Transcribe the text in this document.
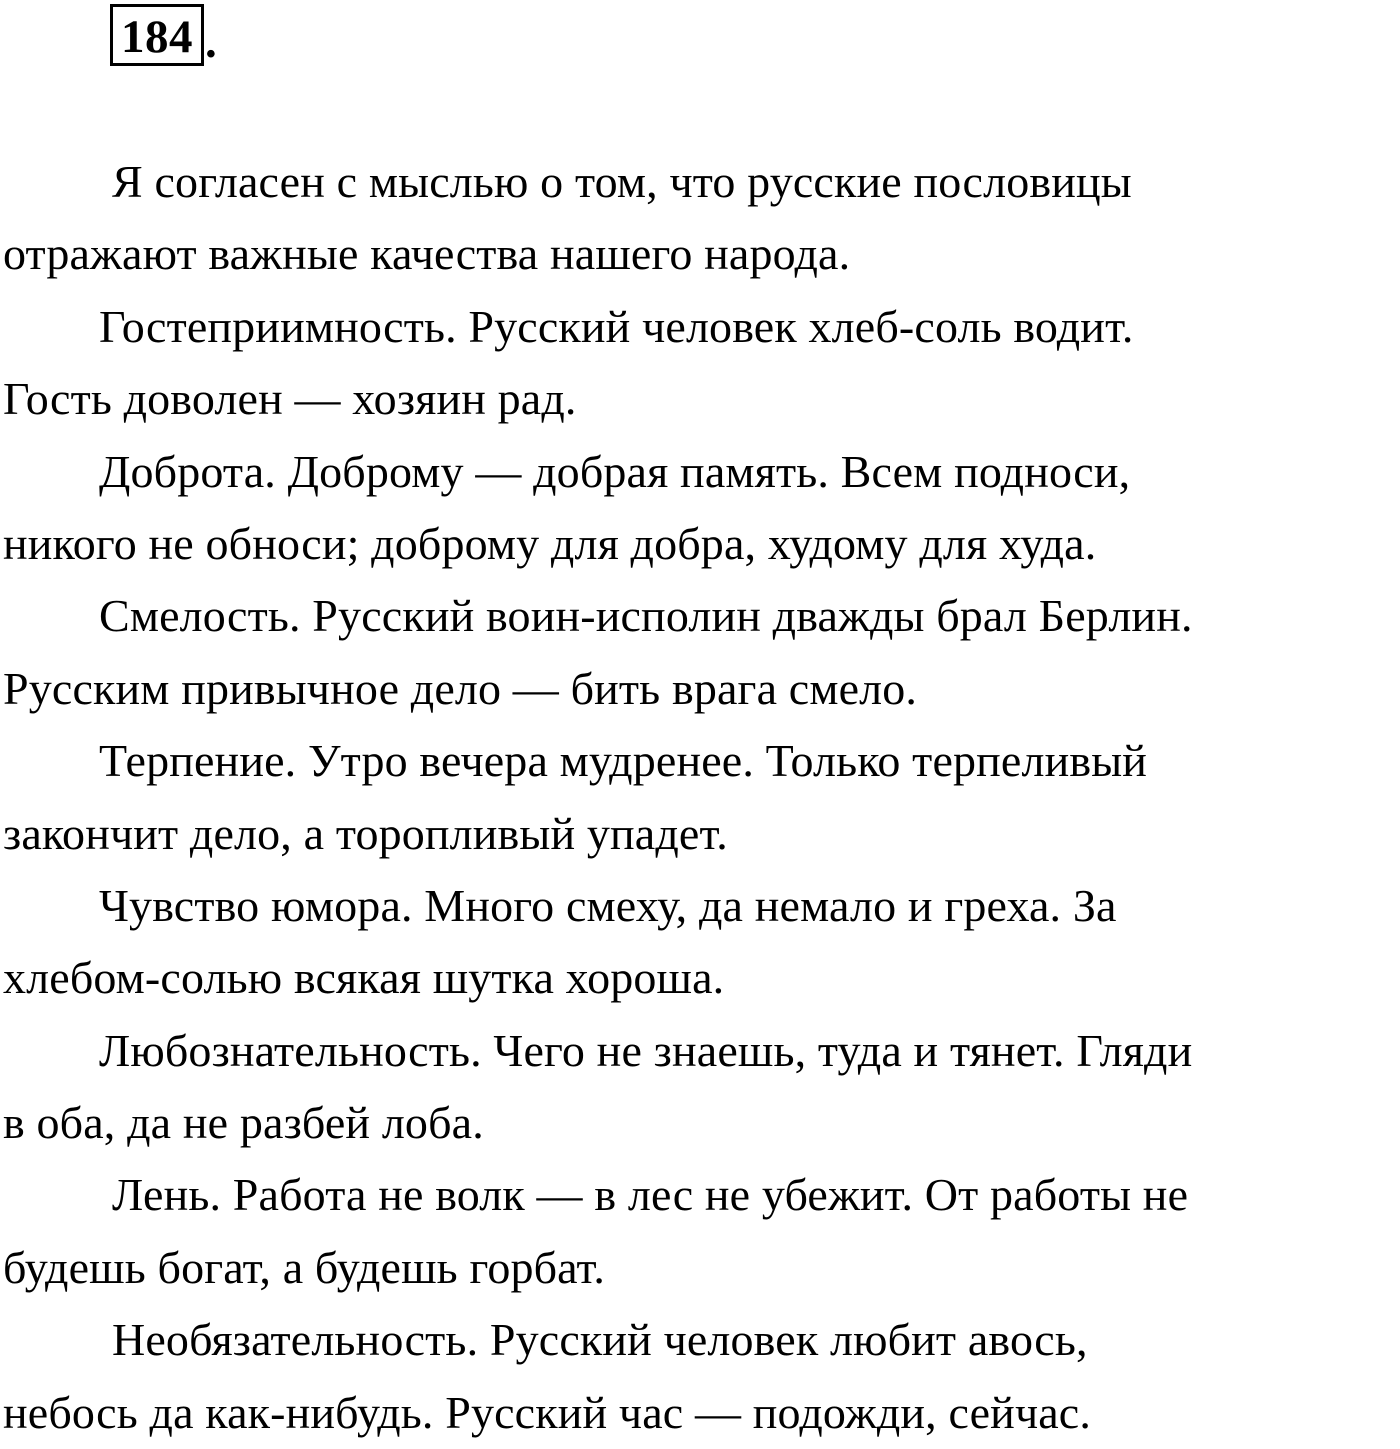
184 .
Я согласен с мыслью о том, что русские пословицы
отражают важные качества нашего народа.
Гостеприимность. Русский человек хлеб-соль водит.
Гость доволен — хозяин рад.
Доброта. Доброму — добрая память. Всем подноси,
никого не обноси; доброму для добра, худому для худа.
Смелость. Русский воин-исполин дважды брал Берлин.
Русским привычное дело — бить врага смело.
Терпение. Утро вечера мудренее. Только терпеливый
закончит дело, а торопливый упадет.
Чувство юмора. Много смеху, да немало и греха. За
хлебом-солью всякая шутка хороша.
Любознательность. Чего не знаешь, туда и тянет. Гляди
в оба, да не разбей лоба.
Лень. Работа не волк — в лес не убежит. От работы не
будешь богат, а будешь горбат.
Необязательность. Русский человек любит авось,
небось да как-нибудь. Русский час — подожди, сейчас.
